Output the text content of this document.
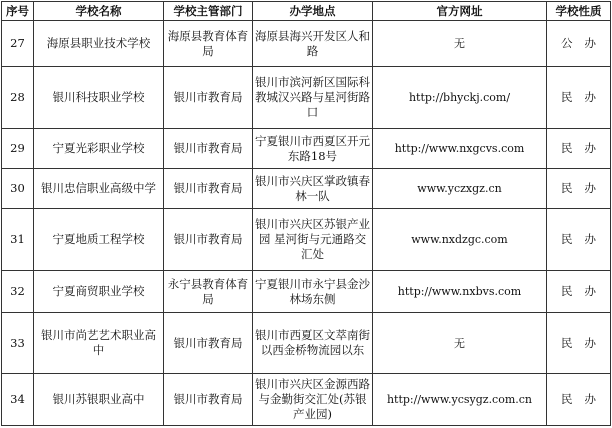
序号	学校名称	学校主管部门	办学地点	官方网址	学校性质
27	海原县职业技术学校	海原县教育体育局	海原县海兴开发区人和路	无	公办
28	银川科技职业学校	银川市教育局	银川市滨河新区国际科教城汉兴路与星河街路口	http://bhyckj.com/	民办
29	宁夏光彩职业学校	银川市教育局	宁夏银川市西夏区开元东路18号	http://www.nxgcvs.com	民办
30	银川忠信职业高级中学	银川市教育局	银川市兴庆区掌政镇春林一队	www.yczxgz.cn	民办
31	宁夏地质工程学校	银川市教育局	银川市兴庆区苏银产业园 星河街与元通路交汇处	www.nxdzgc.com	民办
32	宁夏商贸职业学校	永宁县教育体育局	宁夏银川市永宁县金沙林场东侧	http://www.nxbvs.com	民办
33	银川市尚艺艺术职业高中	银川市教育局	银川市西夏区文萃南街以西金桥物流园以东	无	民办
34	银川苏银职业高中	银川市教育局	银川市兴庆区金源西路与金勤街交汇处(苏银产业园)	http://www.ycsygz.com.cn	民办
